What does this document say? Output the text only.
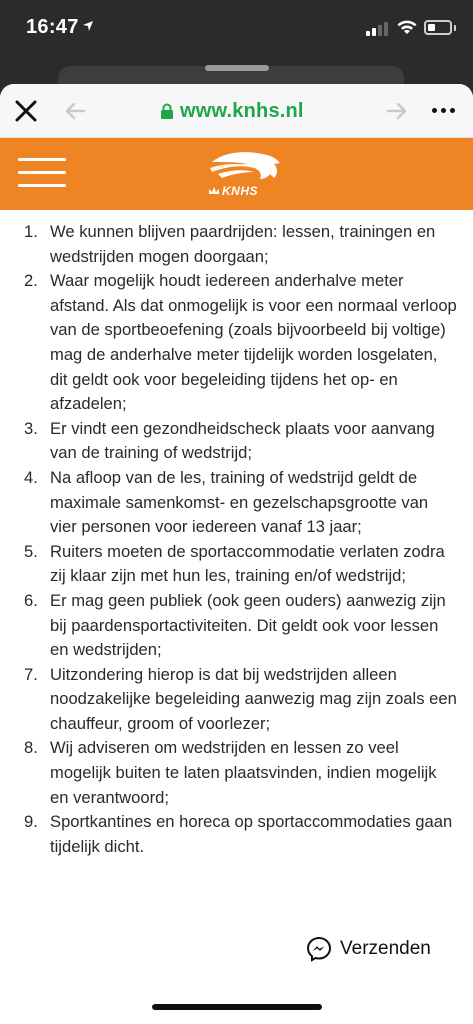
16:47
www.knhs.nl
KNHS
1. We kunnen blijven paardrijden: lessen, trainingen en wedstrijden mogen doorgaan;
2. Waar mogelijk houdt iedereen anderhalve meter afstand. Als dat onmogelijk is voor een normaal verloop van de sportbeoefening (zoals bijvoorbeeld bij voltige) mag de anderhalve meter tijdelijk worden losgelaten, dit geldt ook voor begeleiding tijdens het op- en afzadelen;
3. Er vindt een gezondheidscheck plaats voor aanvang van de training of wedstrijd;
4. Na afloop van de les, training of wedstrijd geldt de maximale samenkomst- en gezelschapsgrootte van vier personen voor iedereen vanaf 13 jaar;
5. Ruiters moeten de sportaccommodatie verlaten zodra zij klaar zijn met hun les, training en/of wedstrijd;
6. Er mag geen publiek (ook geen ouders) aanwezig zijn bij paardensportactiviteiten. Dit geldt ook voor lessen en wedstrijden;
7. Uitzondering hierop is dat bij wedstrijden alleen noodzakelijke begeleiding aanwezig mag zijn zoals een chauffeur, groom of voorlezer;
8. Wij adviseren om wedstrijden en lessen zo veel mogelijk buiten te laten plaatsvinden, indien mogelijk en verantwoord;
9. Sportkantines en horeca op sportaccommodaties gaan tijdelijk dicht.
Verzenden
